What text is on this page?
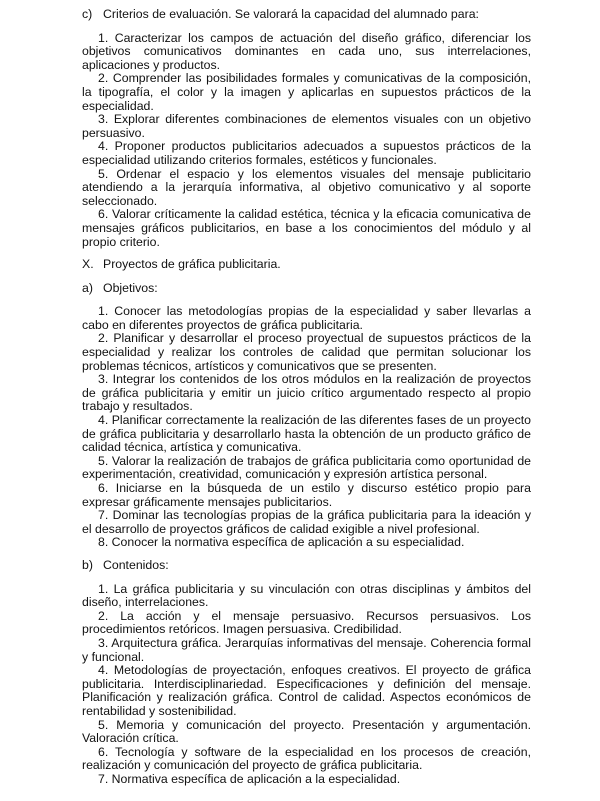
c) Criterios de evaluación. Se valorará la capacidad del alumnado para:

1. Caracterizar los campos de actuación del diseño gráfico, diferenciar los objetivos comunicativos dominantes en cada uno, sus interrelaciones, aplicaciones y productos.

2. Comprender las posibilidades formales y comunicativas de la composición, la tipografía, el color y la imagen y aplicarlas en supuestos prácticos de la especialidad.

3. Explorar diferentes combinaciones de elementos visuales con un objetivo persuasivo.

4. Proponer productos publicitarios adecuados a supuestos prácticos de la especialidad utilizando criterios formales, estéticos y funcionales.

5. Ordenar el espacio y los elementos visuales del mensaje publicitario atendiendo a la jerarquía informativa, al objetivo comunicativo y al soporte seleccionado.

6. Valorar críticamente la calidad estética, técnica y la eficacia comunicativa de mensajes gráficos publicitarios, en base a los conocimientos del módulo y al propio criterio.

X. Proyectos de gráfica publicitaria.

a) Objetivos:

1. Conocer las metodologías propias de la especialidad y saber llevarlas a cabo en diferentes proyectos de gráfica publicitaria.

2. Planificar y desarrollar el proceso proyectual de supuestos prácticos de la especialidad y realizar los controles de calidad que permitan solucionar los problemas técnicos, artísticos y comunicativos que se presenten.

3. Integrar los contenidos de los otros módulos en la realización de proyectos de gráfica publicitaria y emitir un juicio crítico argumentado respecto al propio trabajo y resultados.

4. Planificar correctamente la realización de las diferentes fases de un proyecto de gráfica publicitaria y desarrollarlo hasta la obtención de un producto gráfico de calidad técnica, artística y comunicativa.

5. Valorar la realización de trabajos de gráfica publicitaria como oportunidad de experimentación, creatividad, comunicación y expresión artística personal.

6. Iniciarse en la búsqueda de un estilo y discurso estético propio para expresar gráficamente mensajes publicitarios.

7. Dominar las tecnologías propias de la gráfica publicitaria para la ideación y el desarrollo de proyectos gráficos de calidad exigible a nivel profesional.

8. Conocer la normativa específica de aplicación a su especialidad.

b) Contenidos:

1. La gráfica publicitaria y su vinculación con otras disciplinas y ámbitos del diseño, interrelaciones.

2. La acción y el mensaje persuasivo. Recursos persuasivos. Los procedimientos retóricos. Imagen persuasiva. Credibilidad.

3. Arquitectura gráfica. Jerarquías informativas del mensaje. Coherencia formal y funcional.

4. Metodologías de proyectación, enfoques creativos. El proyecto de gráfica publicitaria. Interdisciplinariedad. Especificaciones y definición del mensaje. Planificación y realización gráfica. Control de calidad. Aspectos económicos de rentabilidad y sostenibilidad.

5. Memoria y comunicación del proyecto. Presentación y argumentación. Valoración crítica.

6. Tecnología y software de la especialidad en los procesos de creación, realización y comunicación del proyecto de gráfica publicitaria.

7. Normativa específica de aplicación a la especialidad.
